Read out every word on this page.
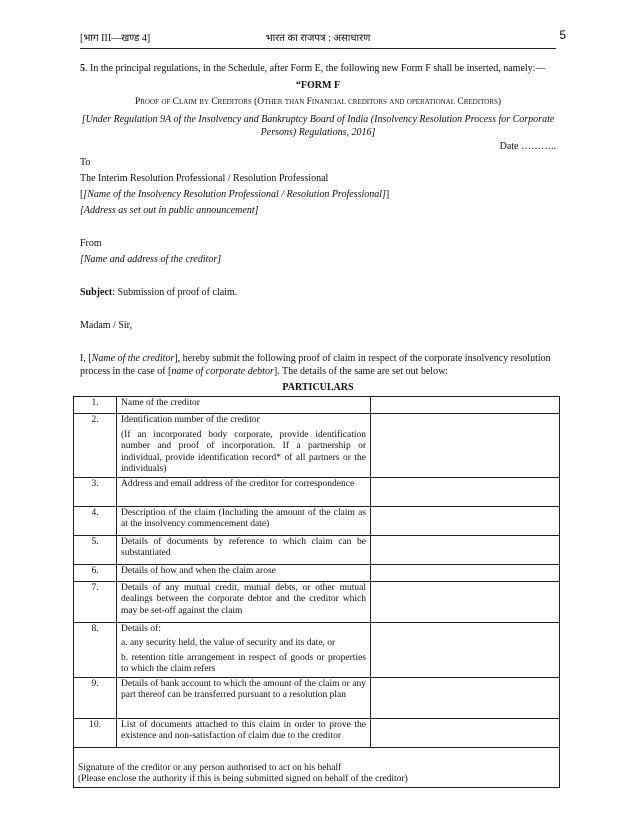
[भाग III—खण्ड 4]	भारत का राजपत्र : असाधारण	5
5. In the principal regulations, in the Schedule, after Form E, the following new Form F shall be inserted, namely:—
“FORM F
Proof of Claim by Creditors (Other than Financial creditors and operational Creditors)
[Under Regulation 9A of the Insolvency and Bankruptcy Board of India (Insolvency Resolution Process for Corporate
Persons) Regulations, 2016]
Date ………..
To
The Interim Resolution Professional / Resolution Professional
[[Name of the Insolvency Resolution Professional / Resolution Professional]]
[Address as set out in public announcement]
From
[Name and address of the creditor]
Subject: Submission of proof of claim.
Madam / Sir,
I, [Name of the creditor], hereby submit the following proof of claim in respect of the corporate insolvency resolution
process in the case of [name of corporate debtor]. The details of the same are set out below:
PARTICULARS
1.	Name of the creditor	

2.	Identification number of the creditor
(If an incorporated body corporate, provide identification number and proof of incorporation. If a partnership or individual, provide identification record* of all partners or the individuals)	

3.	Address and email address of the creditor for correspondence	

4.	Description of the claim (Including the amount of the claim as at the insolvency commencement date)	

5.	Details of documents by reference to which claim can be substantiated	

6.	Details of how and when the claim arose	

7.	Details of any mutual credit, mutual debts, or other mutual dealings between the corporate debtor and the creditor which may be set-off against the claim	

8.	Details of:
a. any security held, the value of security and its date, or
b. retention title arrangement in respect of goods or properties to which the claim refers	

9.	Details of bank account to which the amount of the claim or any part thereof can be transferred pursuant to a resolution plan	

10.	List of documents attached to this claim in order to prove the existence and non-satisfaction of claim due to the creditor	

Signature of the creditor or any person authorised to act on his behalf
(Please enclose the authority if this is being submitted signed on behalf of the creditor)		
